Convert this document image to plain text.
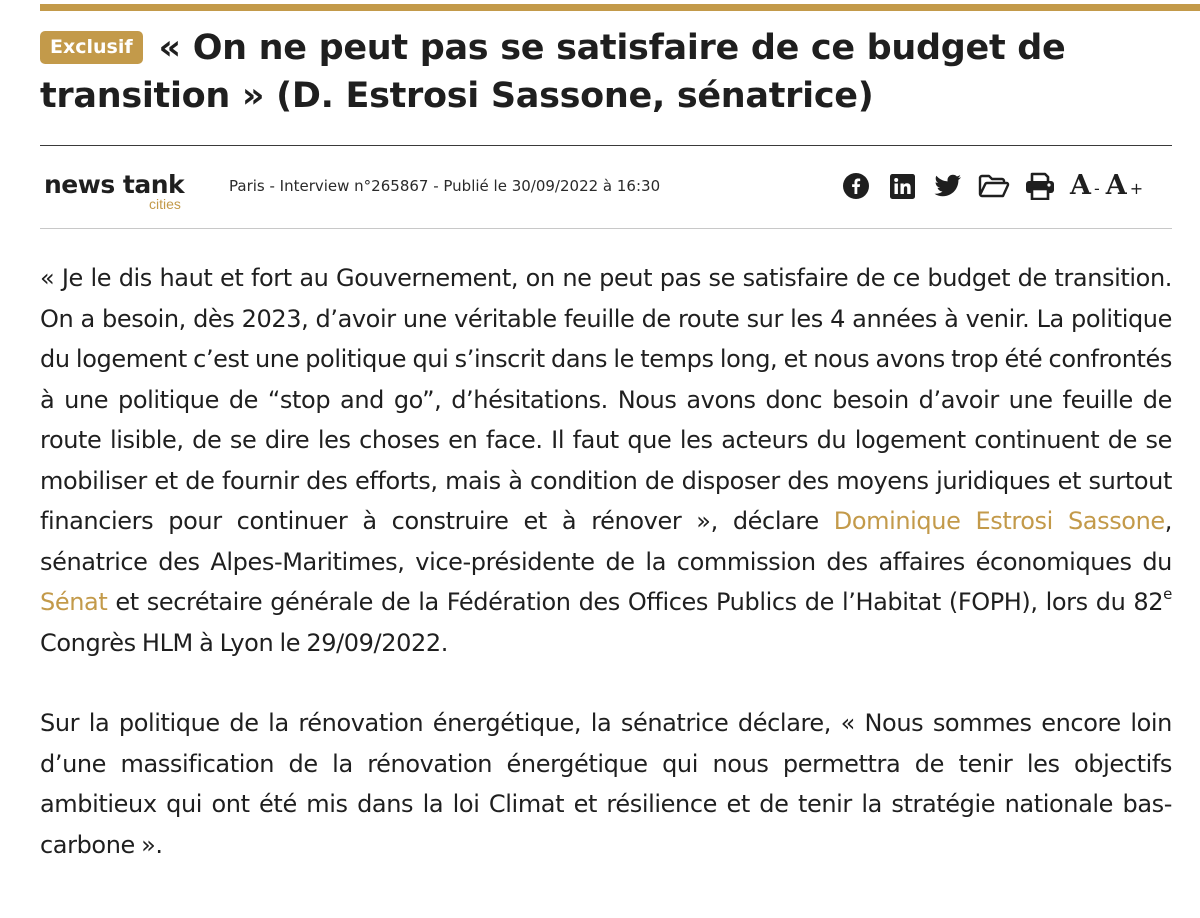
Exclusif « On ne peut pas se satisfaire de ce budget de transition » (D. Estrosi Sassone, sénatrice)
news tank
cities
Paris - Interview n°265867 - Publié le 30/09/2022 à 16:30	A - A +

« Je le dis haut et fort au Gouvernement, on ne peut pas se satisfaire de ce budget de transition. On a besoin, dès 2023, d’avoir une véritable feuille de route sur les 4 années à venir. La politique du logement c’est une politique qui s’inscrit dans le temps long, et nous avons trop été confrontés à une politique de “stop and go”, d’hésitations. Nous avons donc besoin d’avoir une feuille de route lisible, de se dire les choses en face. Il faut que les acteurs du logement continuent de se mobiliser et de fournir des efforts, mais à condition de disposer des moyens juridiques et surtout financiers pour continuer à construire et à rénover », déclare Dominique Estrosi Sassone, sénatrice des Alpes-Maritimes, vice-présidente de la commission des affaires économiques du Sénat et secrétaire générale de la Fédération des Offices Publics de l’Habitat (FOPH), lors du 82e Congrès HLM à Lyon le 29/09/2022.

Sur la politique de la rénovation énergétique, la sénatrice déclare, « Nous sommes encore loin d’une massification de la rénovation énergétique qui nous permettra de tenir les objectifs ambitieux qui ont été mis dans la loi Climat et résilience et de tenir la stratégie nationale bas-carbone ».
